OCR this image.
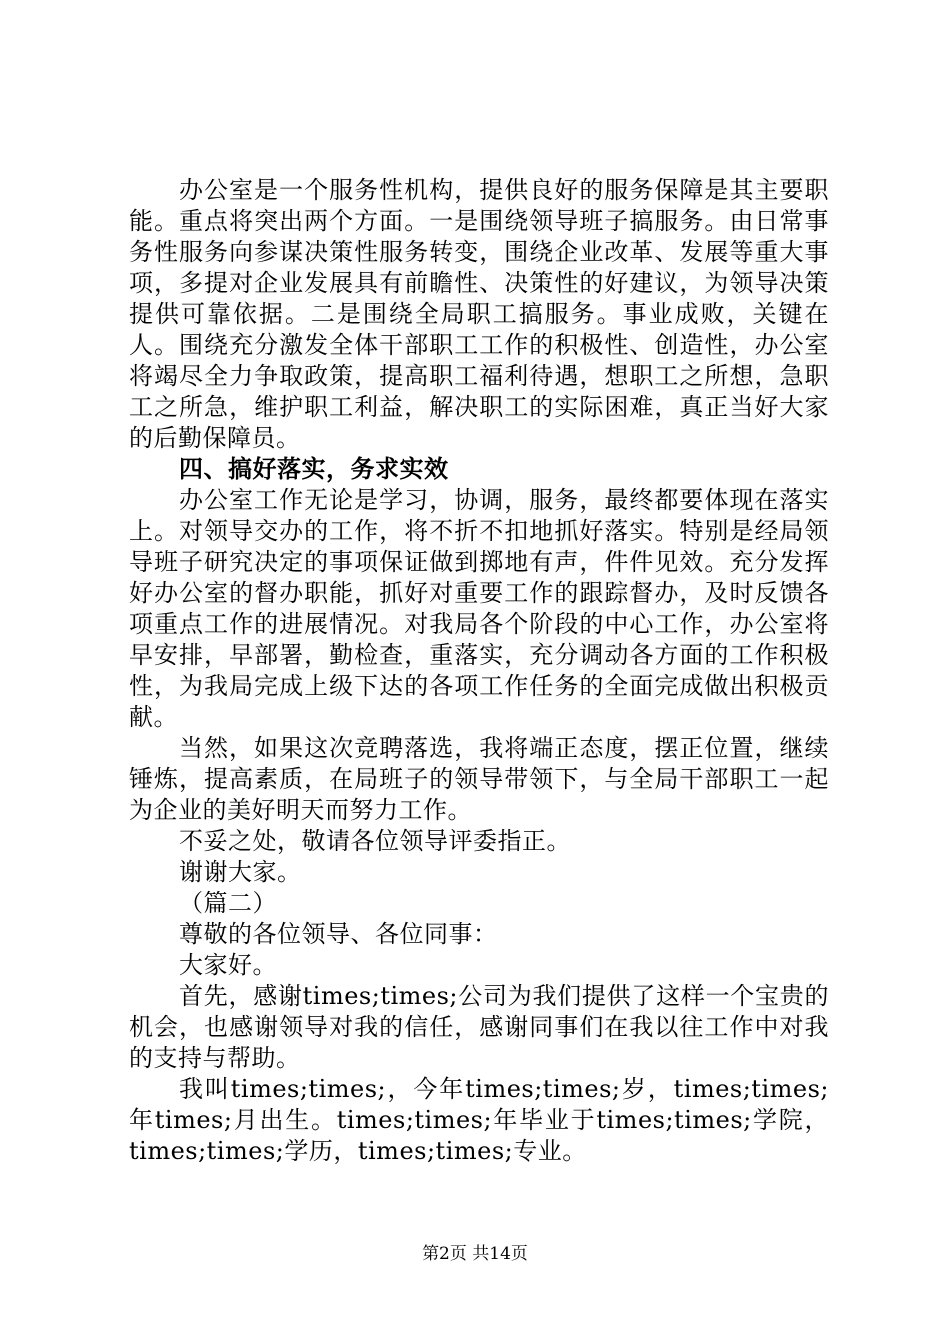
办公室是一个服务性机构，提供良好的服务保障是其主要职能。重点将突出两个方面。一是围绕领导班子搞服务。由日常事务性服务向参谋决策性服务转变，围绕企业改革、发展等重大事项，多提对企业发展具有前瞻性、决策性的好建议，为领导决策提供可靠依据。二是围绕全局职工搞服务。事业成败，关键在人。围绕充分激发全体干部职工工作的积极性、创造性，办公室将竭尽全力争取政策，提高职工福利待遇，想职工之所想，急职工之所急，维护职工利益，解决职工的实际困难，真正当好大家的后勤保障员。

四、搞好落实，务求实效

办公室工作无论是学习，协调，服务，最终都要体现在落实上。对领导交办的工作，将不折不扣地抓好落实。特别是经局领导班子研究决定的事项保证做到掷地有声，件件见效。充分发挥好办公室的督办职能，抓好对重要工作的跟踪督办，及时反馈各项重点工作的进展情况。对我局各个阶段的中心工作，办公室将早安排，早部署，勤检查，重落实，充分调动各方面的工作积极性，为我局完成上级下达的各项工作任务的全面完成做出积极贡献。

当然，如果这次竞聘落选，我将端正态度，摆正位置，继续锤炼，提高素质，在局班子的领导带领下，与全局干部职工一起为企业的美好明天而努力工作。

不妥之处，敬请各位领导评委指正。

谢谢大家。

（篇二）

尊敬的各位领导、各位同事：

大家好。

首先，感谢times;times;公司为我们提供了这样一个宝贵的机会，也感谢领导对我的信任，感谢同事们在我以往工作中对我的支持与帮助。

我叫times;times;，今年times;times;岁，times;times;年times;月出生。times;times;年毕业于times;times;学院，times;times;学历，times;times;专业。

第2页 共14页
